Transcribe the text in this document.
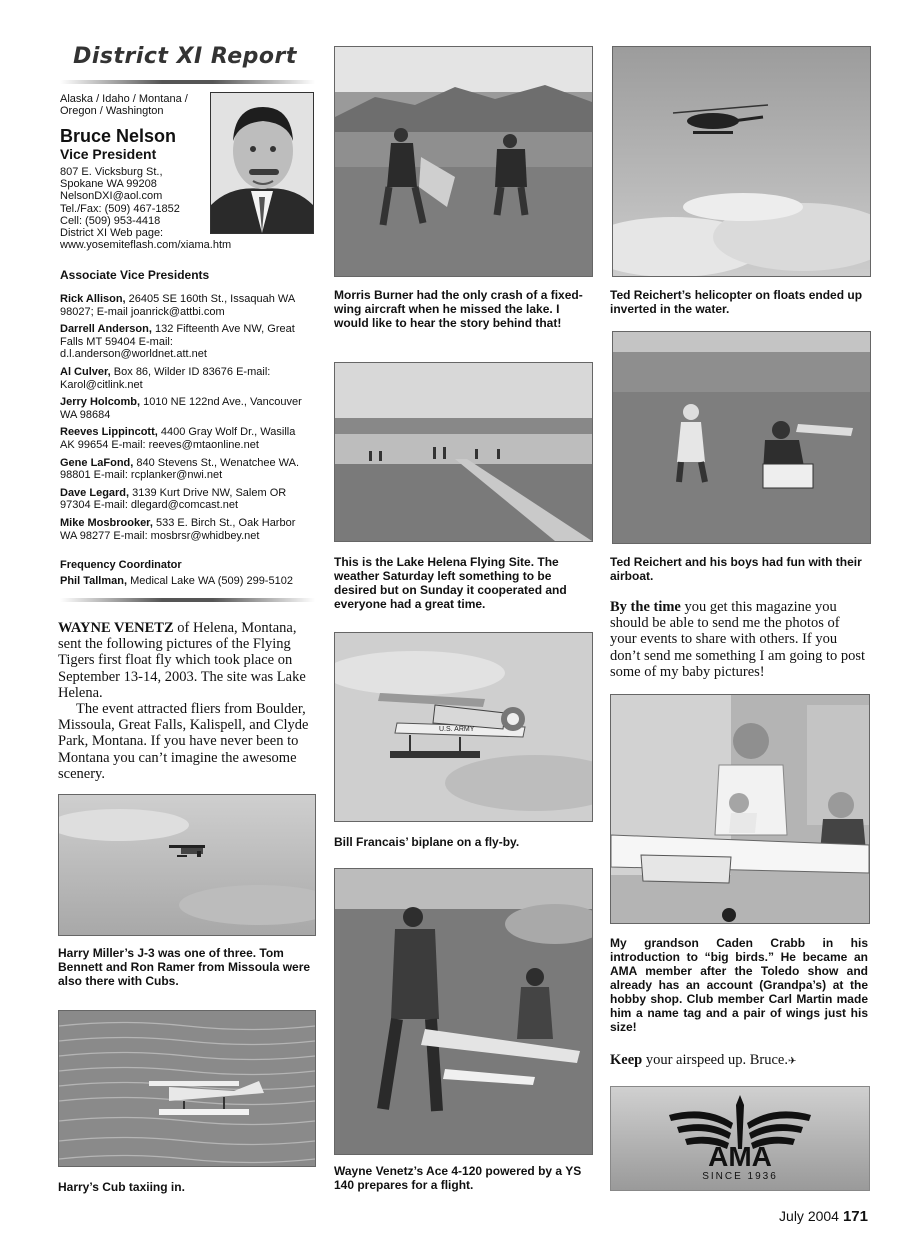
District XI Report
Alaska / Idaho / Montana / Oregon / Washington
Bruce Nelson
Vice President
807 E. Vicksburg St.,
Spokane WA 99208
NelsonDXI@aol.com
Tel./Fax: (509) 467-1852
Cell: (509) 953-4418
District XI Web page:
www.yosemiteflash.com/xiama.htm
Associate Vice Presidents
Rick Allison, 26405 SE 160th St., Issaquah WA 98027; E-mail joanrick@attbi.com
Darrell Anderson, 132 Fifteenth Ave NW, Great Falls MT 59404 E-mail: d.l.anderson@worldnet.att.net
Al Culver, Box 86, Wilder ID 83676 E-mail: Karol@citlink.net
Jerry Holcomb, 1010 NE 122nd Ave., Vancouver WA 98684
Reeves Lippincott, 4400 Gray Wolf Dr., Wasilla AK 99654 E-mail: reeves@mtaonline.net
Gene LaFond, 840 Stevens St., Wenatchee WA. 98801 E-mail: rcplanker@nwi.net
Dave Legard, 3139 Kurt Drive NW, Salem OR 97304 E-mail: dlegard@comcast.net
Mike Mosbrooker, 533 E. Birch St., Oak Harbor WA 98277 E-mail: mosbrsr@whidbey.net
Frequency Coordinator
Phil Tallman, Medical Lake WA (509) 299-5102

WAYNE VENETZ of Helena, Montana, sent the following pictures of the Flying Tigers first float fly which took place on September 13-14, 2003. The site was Lake Helena.

The event attracted fliers from Boulder, Missoula, Great Falls, Kalispell, and Clyde Park, Montana. If you have never been to Montana you can’t imagine the awesome scenery.

Harry Miller’s J-3 was one of three. Tom Bennett and Ron Ramer from Missoula were also there with Cubs.
Harry’s Cub taxiing in.
Morris Burner had the only crash of a fixed-wing aircraft when he missed the lake. I would like to hear the story behind that!
This is the Lake Helena Flying Site. The weather Saturday left something to be desired but on Sunday it cooperated and everyone had a great time.
U.S. ARMY
Bill Francais’ biplane on a fly-by.
Wayne Venetz’s Ace 4-120 powered by a YS 140 prepares for a flight.
Ted Reichert’s helicopter on floats ended up inverted in the water.
Ted Reichert and his boys had fun with their airboat.

By the time you get this magazine you should be able to send me the photos of your events to share with others. If you don’t send me something I am going to post some of my baby pictures!

My grandson Caden Crabb in his introduction to “big birds.” He became an AMA member after the Toledo show and already has an account (Grandpa’s) at the hobby shop. Club member Carl Martin made him a name tag and a pair of wings just his size!

Keep your airspeed up. Bruce.✈

AMA
SINCE 1936
July 2004 171
